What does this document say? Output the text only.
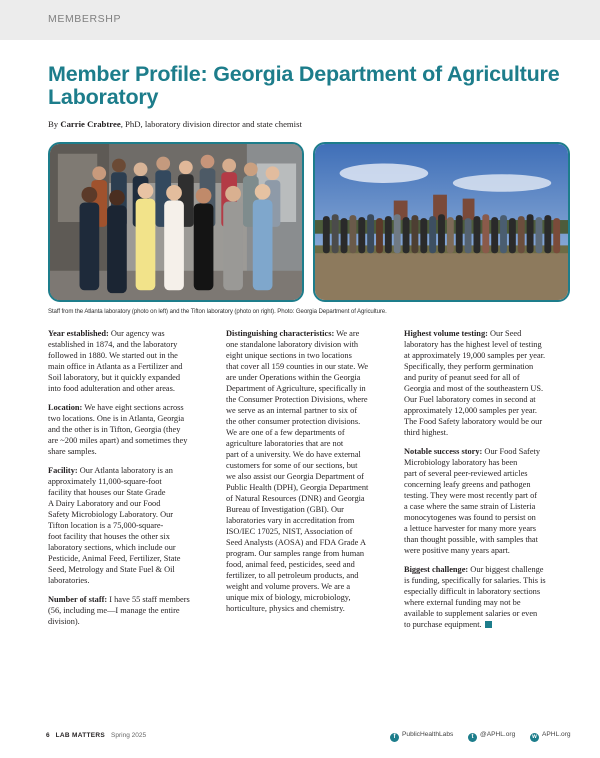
MEMBERSHP
Member Profile: Georgia Department of Agriculture
Laboratory
By Carrie Crabtree, PhD, laboratory division director and state chemist
Staff from the Atlanta laboratory (photo on left) and the Tifton laboratory (photo on right). Photo: Georgia Department of Agriculture.

Year established: Our agency was
established in 1874, and the laboratory
followed in 1880. We started out in the
main office in Atlanta as a Fertilizer and
Soil laboratory, but it quickly expanded
into food adulteration and other areas.

Location: We have eight sections across
two locations. One is in Atlanta, Georgia
and the other is in Tifton, Georgia (they
are ~200 miles apart) and sometimes they
share samples.

Facility: Our Atlanta laboratory is an
approximately 11,000-square-foot
facility that houses our State Grade
A Dairy Laboratory and our Food
Safety Microbiology Laboratory. Our
Tifton location is a 75,000-square-
foot facility that houses the other six
laboratory sections, which include our
Pesticide, Animal Feed, Fertilizer, State
Seed, Metrology and State Fuel & Oil
laboratories.

Number of staff: I have 55 staff members
(56, including me—I manage the entire
division).

Distinguishing characteristics: We are
one standalone laboratory division with
eight unique sections in two locations
that cover all 159 counties in our state. We
are under Operations within the Georgia
Department of Agriculture, specifically in
the Consumer Protection Divisions, where
we serve as an internal partner to six of
the other consumer protection divisions.
We are one of a few departments of
agriculture laboratories that are not
part of a university. We do have external
customers for some of our sections, but
we also assist our Georgia Department of
Public Health (DPH), Georgia Department
of Natural Resources (DNR) and Georgia
Bureau of Investigation (GBI). Our
laboratories vary in accreditation from
ISO/IEC 17025, NIST, Association of
Seed Analysts (AOSA) and FDA Grade A
program. Our samples range from human
food, animal feed, pesticides, seed and
fertilizer, to all petroleum products, and
weight and volume provers. We are a
unique mix of biology, microbiology,
horticulture, physics and chemistry.

Highest volume testing: Our Seed
laboratory has the highest level of testing
at approximately 19,000 samples per year.
Specifically, they perform germination
and purity of peanut seed for all of
Georgia and most of the southeastern US.
Our Fuel laboratory comes in second at
approximately 12,000 samples per year.
The Food Safety laboratory would be our
third highest.

Notable success story: Our Food Safety
Microbiology laboratory has been
part of several peer-reviewed articles
concerning leafy greens and pathogen
testing. They were most recently part of
a case where the same strain of Listeria
monocytogenes was found to persist on
a lettuce harvester for many more years
than thought possible, with samples that
were positive many years apart.

Biggest challenge: Our biggest challenge
is funding, specifically for salaries. This is
especially difficult in laboratory sections
where external funding may not be
available to supplement salaries or even
to purchase equipment.

6 LAB MATTERS Spring 2025	f PublicHealthLabs	t @APHL.org	w APHL.org
